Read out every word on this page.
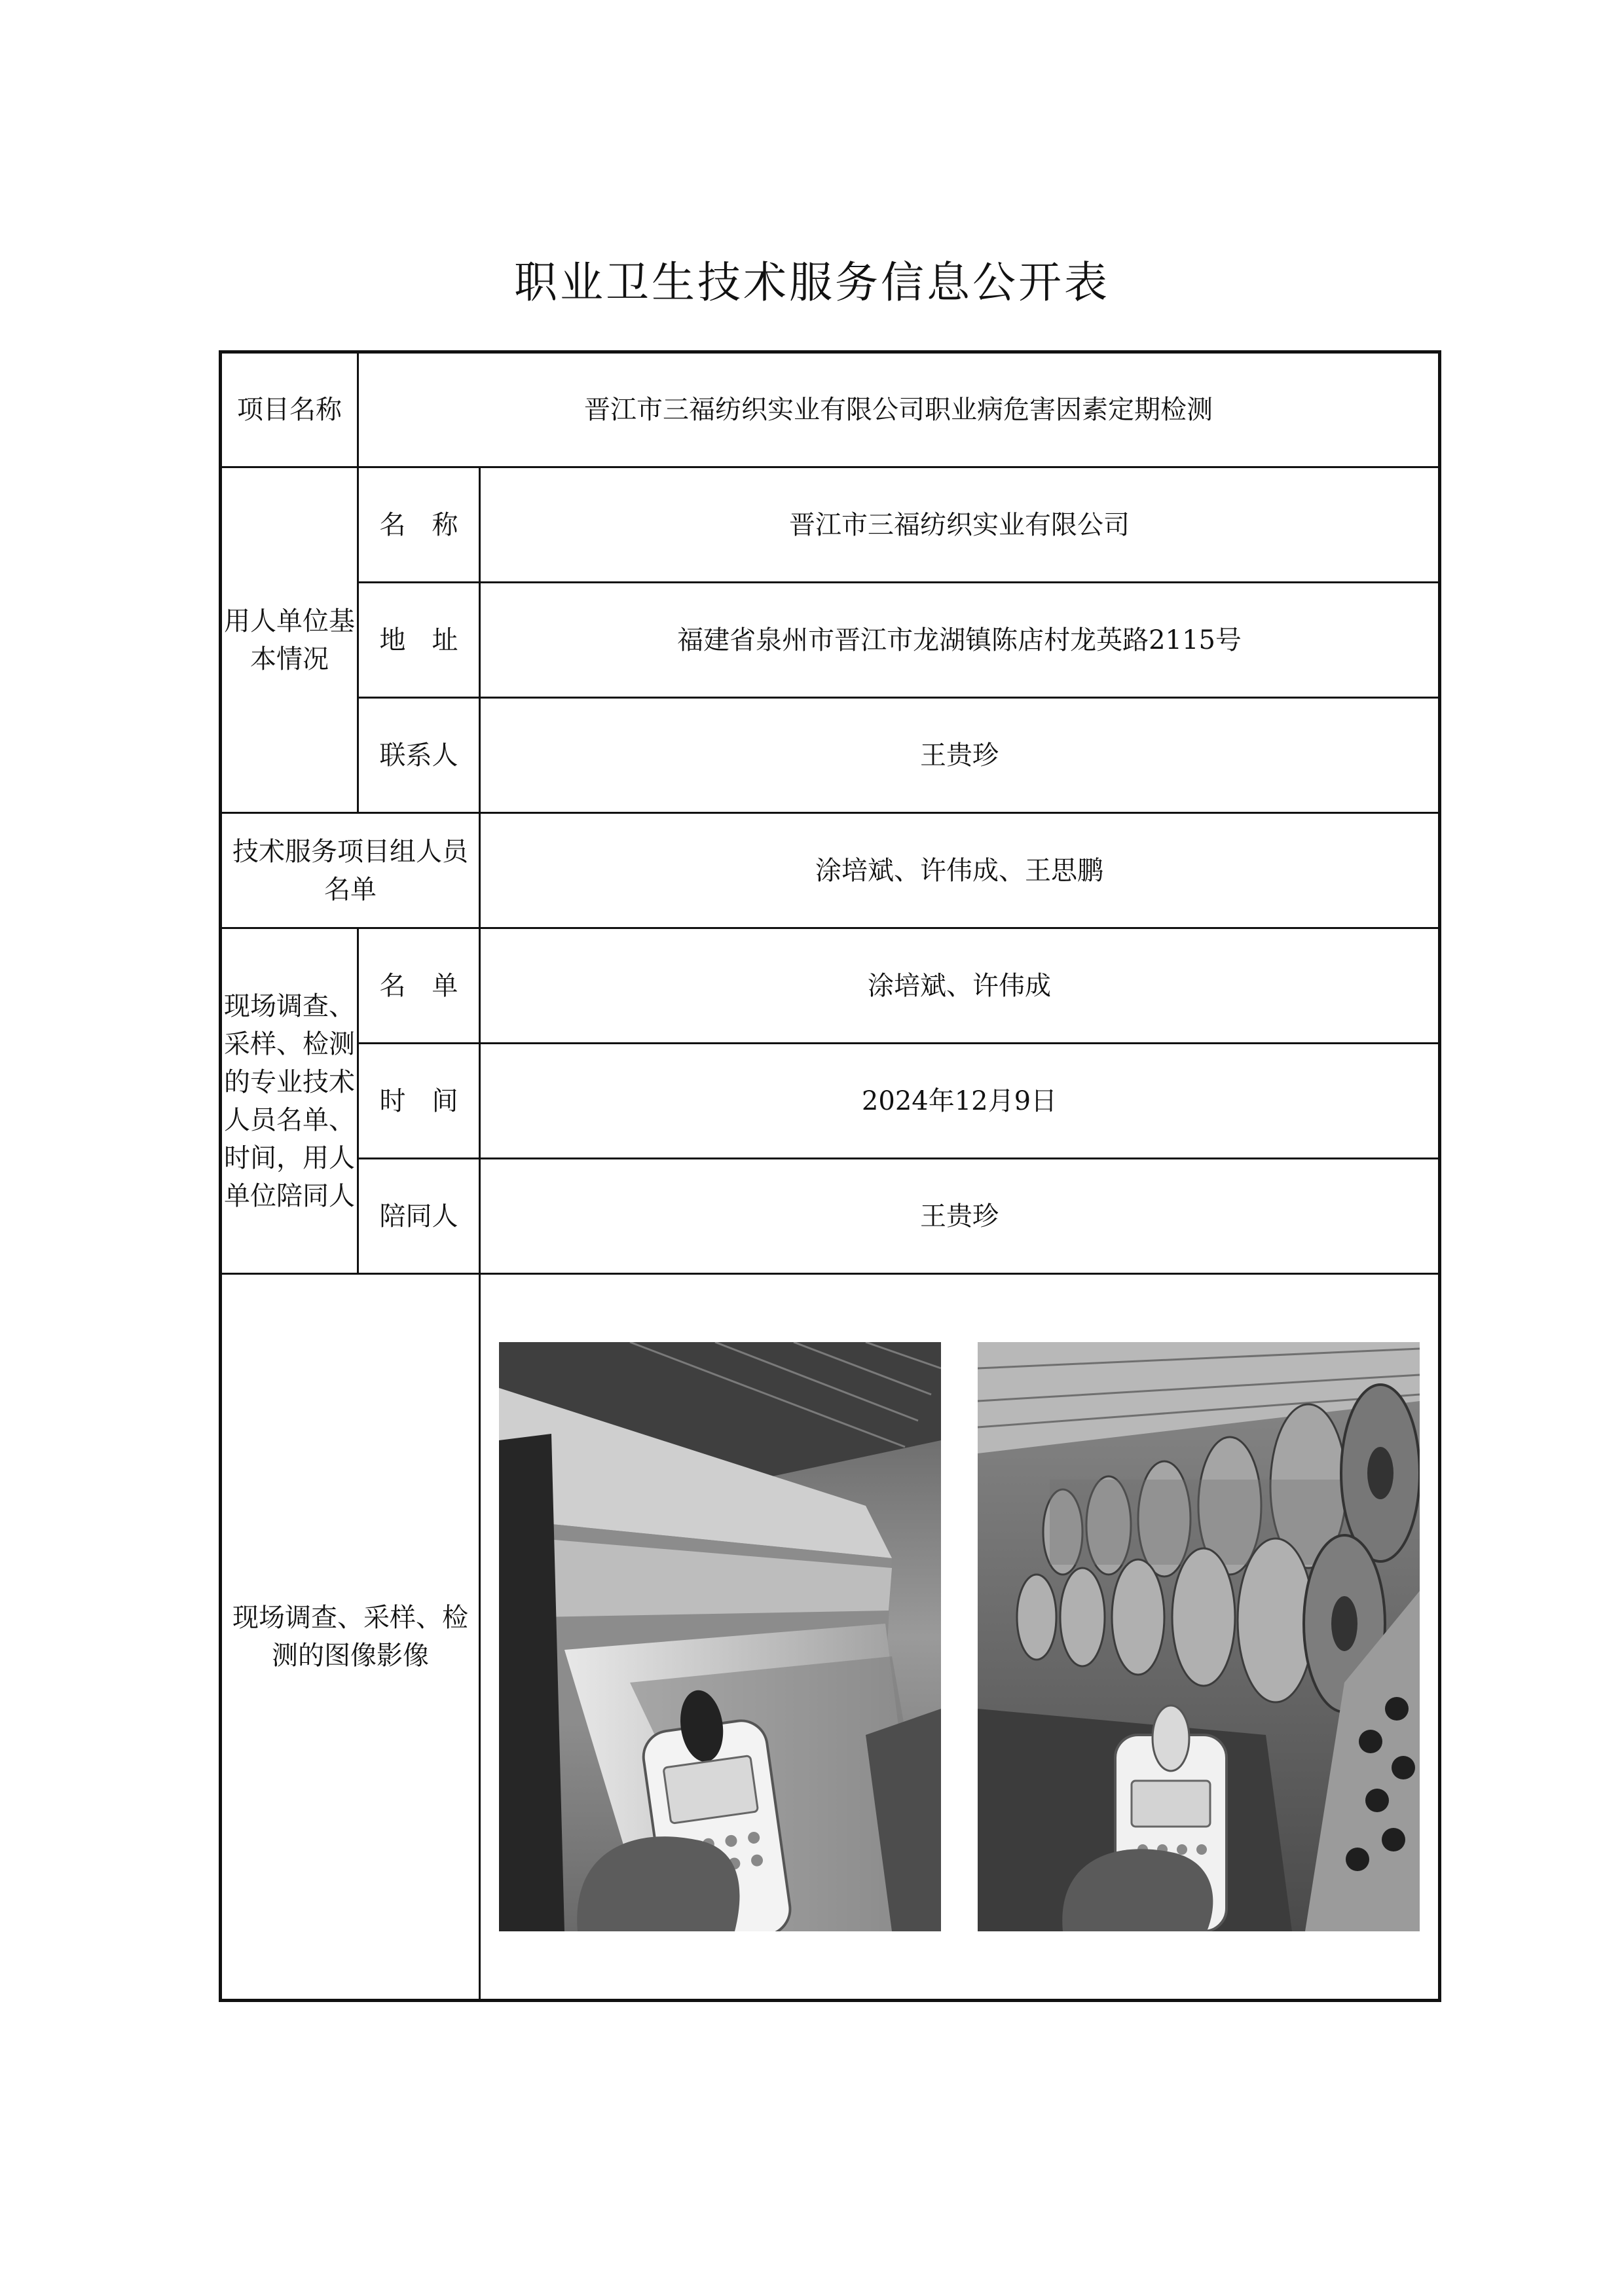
职业卫生技术服务信息公开表
项目名称	晋江市三福纺织实业有限公司职业病危害因素定期检测	
用人单位基本情况	名　称	晋江市三福纺织实业有限公司
	地　址	福建省泉州市晋江市龙湖镇陈店村龙英路2115号
	联系人	王贵珍
技术服务项目组人员名单		涂培斌、许伟成、王思鹏
现场调查、采样、检测的专业技术人员名单、时间，用人单位陪同人	名　单	涂培斌、许伟成
	时　间	2024年12月9日
	陪同人	王贵珍
现场调查、采样、检测的图像影像	
